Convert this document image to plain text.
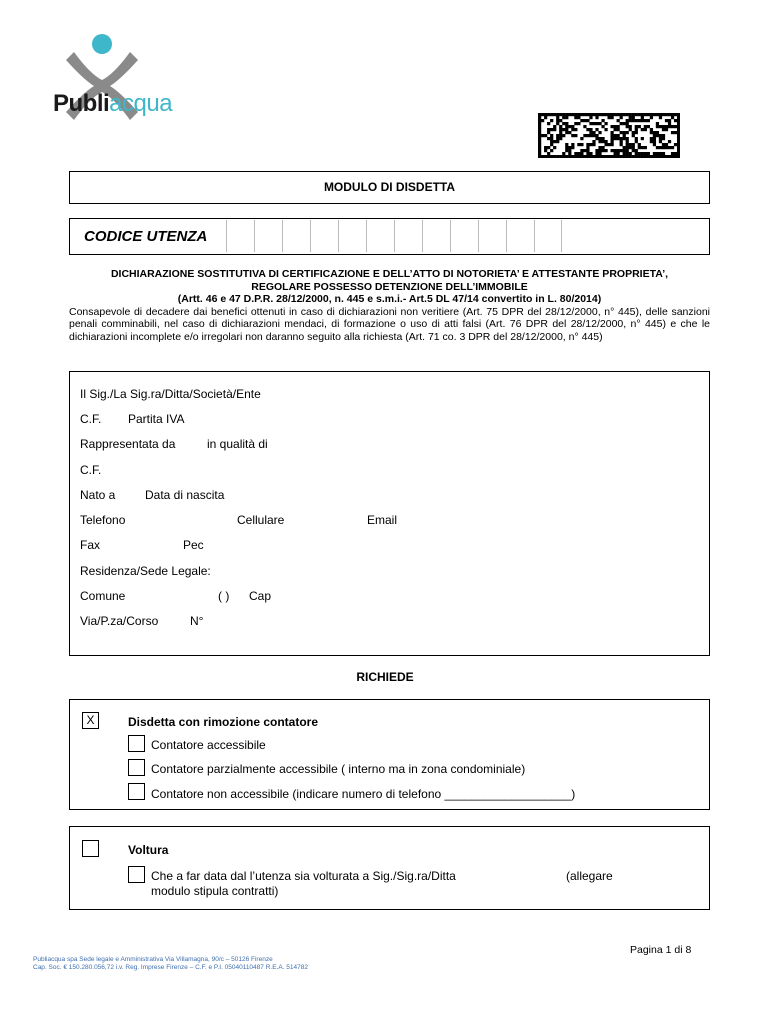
Publiacqua
MODULO DI DISDETTA
CODICE UTENZA
DICHIARAZIONE SOSTITUTIVA DI CERTIFICAZIONE E DELL’ATTO DI NOTORIETA’ E ATTESTANTE PROPRIETA’,
REGOLARE POSSESSO DETENZIONE DELL’IMMOBILE
(Artt. 46 e 47 D.P.R. 28/12/2000, n. 445 e s.m.i.- Art.5 DL 47/14 convertito in L. 80/2014)
Consapevole di decadere dai benefici ottenuti in caso di dichiarazioni non veritiere (Art. 75 DPR del 28/12/2000, n° 445), delle sanzioni penali comminabili, nel caso di dichiarazioni mendaci, di formazione o uso di atti falsi (Art. 76 DPR del 28/12/2000, n° 445) e che le dichiarazioni incomplete e/o irregolari non daranno seguito alla richiesta (Art. 71 co. 3 DPR del 28/12/2000, n° 445)
Il Sig./La Sig.ra/Ditta/Società/Ente
C.F. Partita IVA
Rappresentata da	in qualità di
C.F.
Nato a Data di nascita
Telefono	Cellulare	Email
Fax	Pec
Residenza/Sede Legale:
Comune	( ) Cap
Via/P.za/Corso	N°
RICHIEDE
X	Disdetta con rimozione contatore
Contatore accessibile
Contatore parzialmente accessibile ( interno ma in zona condominiale)
Contatore non accessibile (indicare numero di telefono ___________________)
Voltura
Che a far data dal l’utenza sia volturata a Sig./Sig.ra/Ditta	(allegare
modulo stipula contratti)
Pagina 1 di 8
Publiacqua spa Sede legale e Amministrativa Via Villamagna, 90/c – 50126 Firenze
Cap. Soc. € 150.280.056,72 i.v. Reg. Imprese Firenze – C.F. e P.I. 05040110487 R.E.A. 514782
